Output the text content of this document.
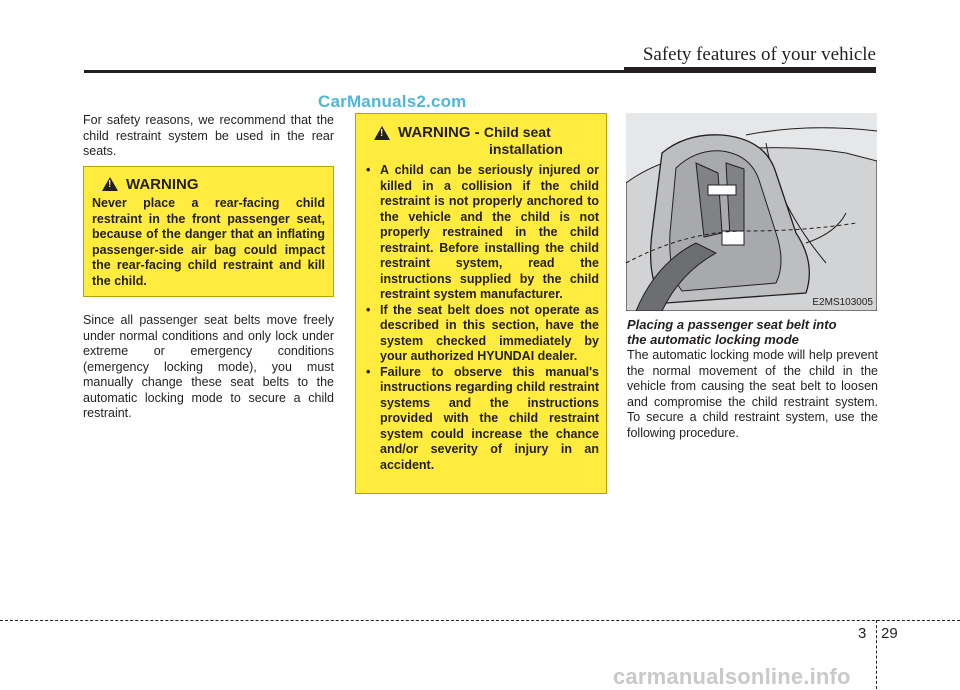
Safety features of your vehicle
CarManuals2.com

For safety reasons, we recommend that the child restraint system be used in the rear seats.

!
WARNING

Never place a rear-facing child restraint in the front passenger seat, because of the danger that an inflating passenger-side air bag could impact the rear-facing child restraint and kill the child.

Since all passenger seat belts move freely under normal conditions and only lock under extreme or emergency conditions (emergency locking mode), you must manually change these seat belts to the automatic locking mode to secure a child restraint.

!
WARNING - Child seat
installation
• A child can be seriously injured or killed in a collision if the child restraint is not properly anchored to the vehicle and the child is not properly restrained in the child restraint. Before installing the child restraint system, read the instructions supplied by the child restraint system manufacturer.
• If the seat belt does not operate as described in this section, have the system checked immediately by your authorized HYUNDAI dealer.
• Failure to observe this manual's instructions regarding child restraint systems and the instructions provided with the child restraint system could increase the chance and/or severity of injury in an accident.
E2MS103005
Placing a passenger seat belt into
the automatic locking mode

The automatic locking mode will help prevent the normal movement of the child in the vehicle from causing the seat belt to loosen and compromise the child restraint system. To secure a child restraint system, use the following procedure.

3 29
carmanualsonline.info
